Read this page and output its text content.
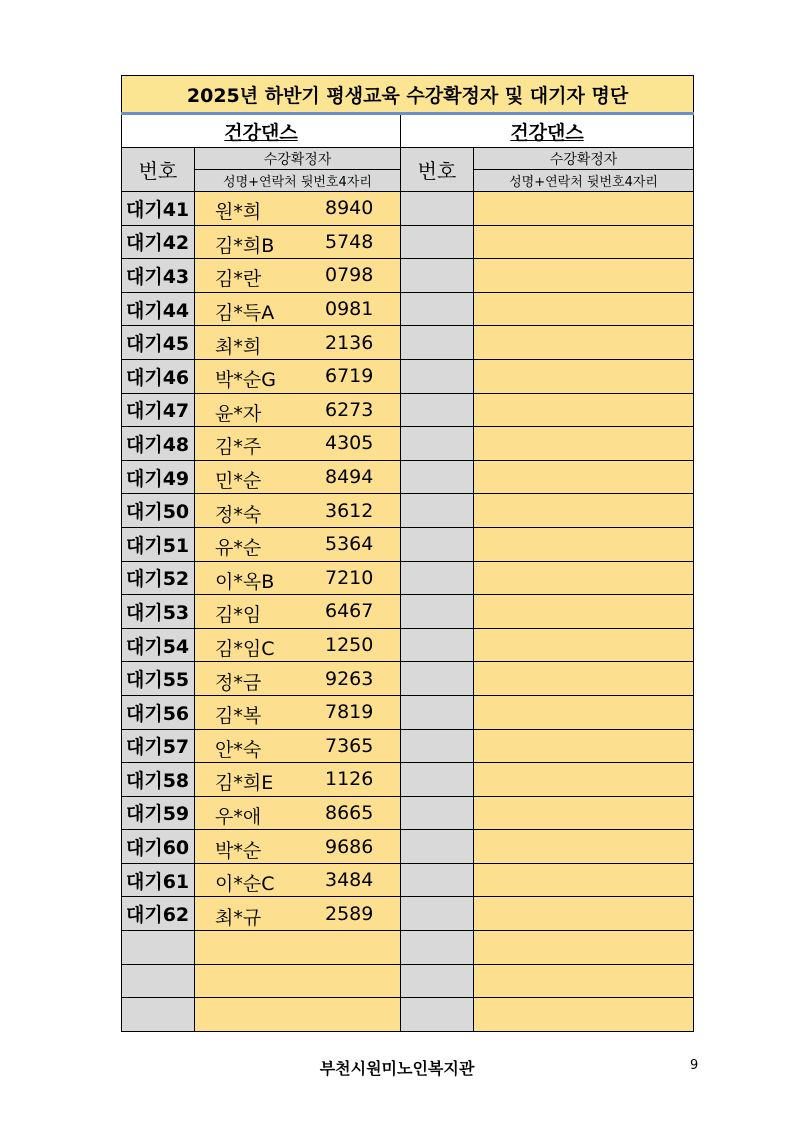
2025년 하반기 평생교육 수강확정자 및 대기자 명단			
건강댄스		건강댄스	
번호	수강확정자	번호	수강확정자
	성명+연락처 뒷번호4자리		성명+연락처 뒷번호4자리
대기41	원*희 8940		

대기42	김*희B 5748		

대기43	김*란 0798		

대기44	김*득A 0981		

대기45	최*희 2136		

대기46	박*순G 6719		

대기47	윤*자 6273		

대기48	김*주 4305		

대기49	민*순 8494		

대기50	정*숙 3612		

대기51	유*순 5364		

대기52	이*옥B 7210		

대기53	김*임 6467		

대기54	김*임C 1250		

대기55	정*금 9263		

대기56	김*복 7819		

대기57	안*숙 7365		

대기58	김*희E 1126		

대기59	우*애 8665		

대기60	박*순 9686		

대기61	이*순C 3484		

대기62	최*규 2589		

부천시원미노인복지관	9
